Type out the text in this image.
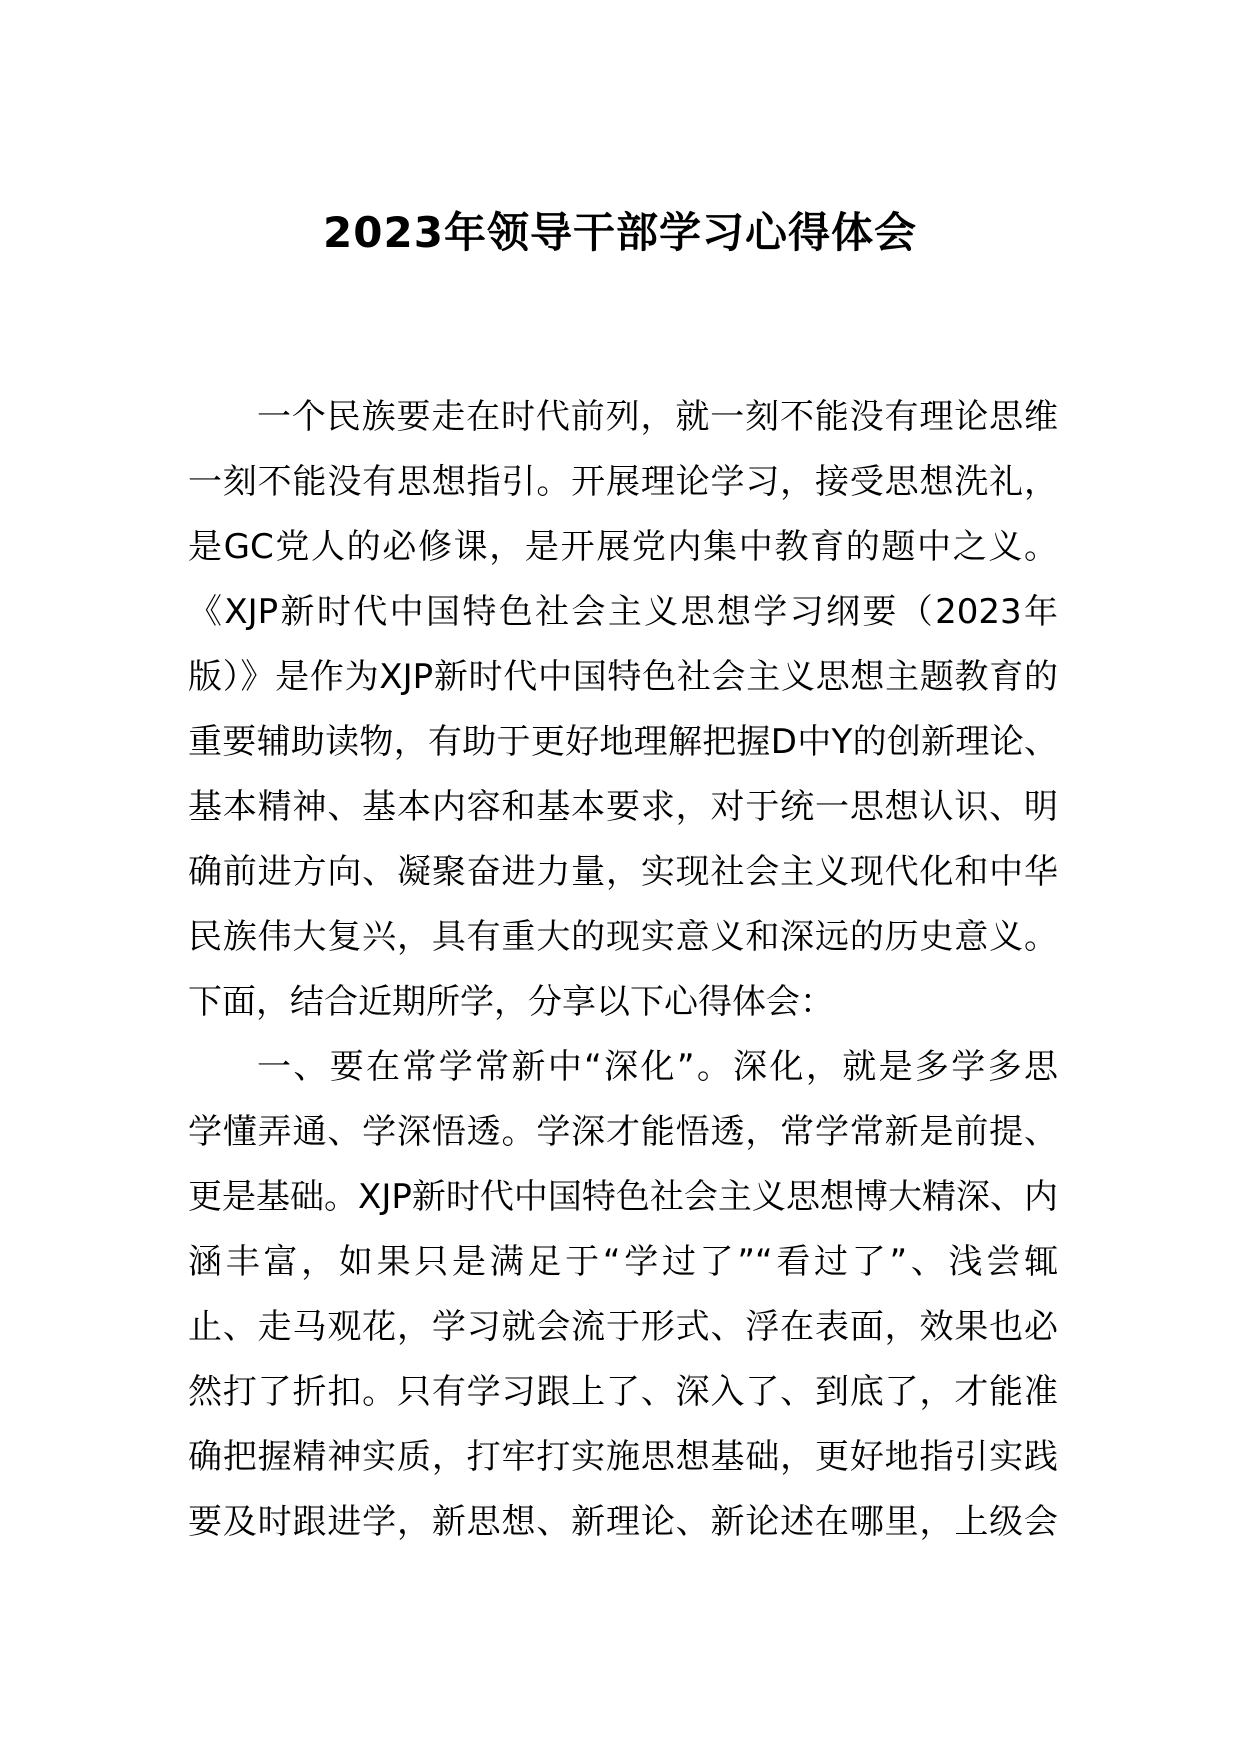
2023年领导干部学习心得体会
一个民族要走在时代前列，就一刻不能没有理论思维
一刻不能没有思想指引。开展理论学习，接受思想洗礼，
是GC党人的必修课，是开展党内集中教育的题中之义。
《XJP新时代中国特色社会主义思想学习纲要（2023年
版）》是作为XJP新时代中国特色社会主义思想主题教育的
重要辅助读物，有助于更好地理解把握D中Y的创新理论、
基本精神、基本内容和基本要求，对于统一思想认识、明
确前进方向、凝聚奋进力量，实现社会主义现代化和中华
民族伟大复兴，具有重大的现实意义和深远的历史意义。
下面，结合近期所学，分享以下心得体会：
一、要在常学常新中“深化”。深化，就是多学多思
学懂弄通、学深悟透。学深才能悟透，常学常新是前提、
更是基础。XJP新时代中国特色社会主义思想博大精深、内
涵丰富，如果只是满足于“学过了”“看过了”、浅尝辄
止、走马观花，学习就会流于形式、浮在表面，效果也必
然打了折扣。只有学习跟上了、深入了、到底了，才能准
确把握精神实质，打牢打实施思想基础，更好地指引实践
要及时跟进学，新思想、新理论、新论述在哪里，上级会
